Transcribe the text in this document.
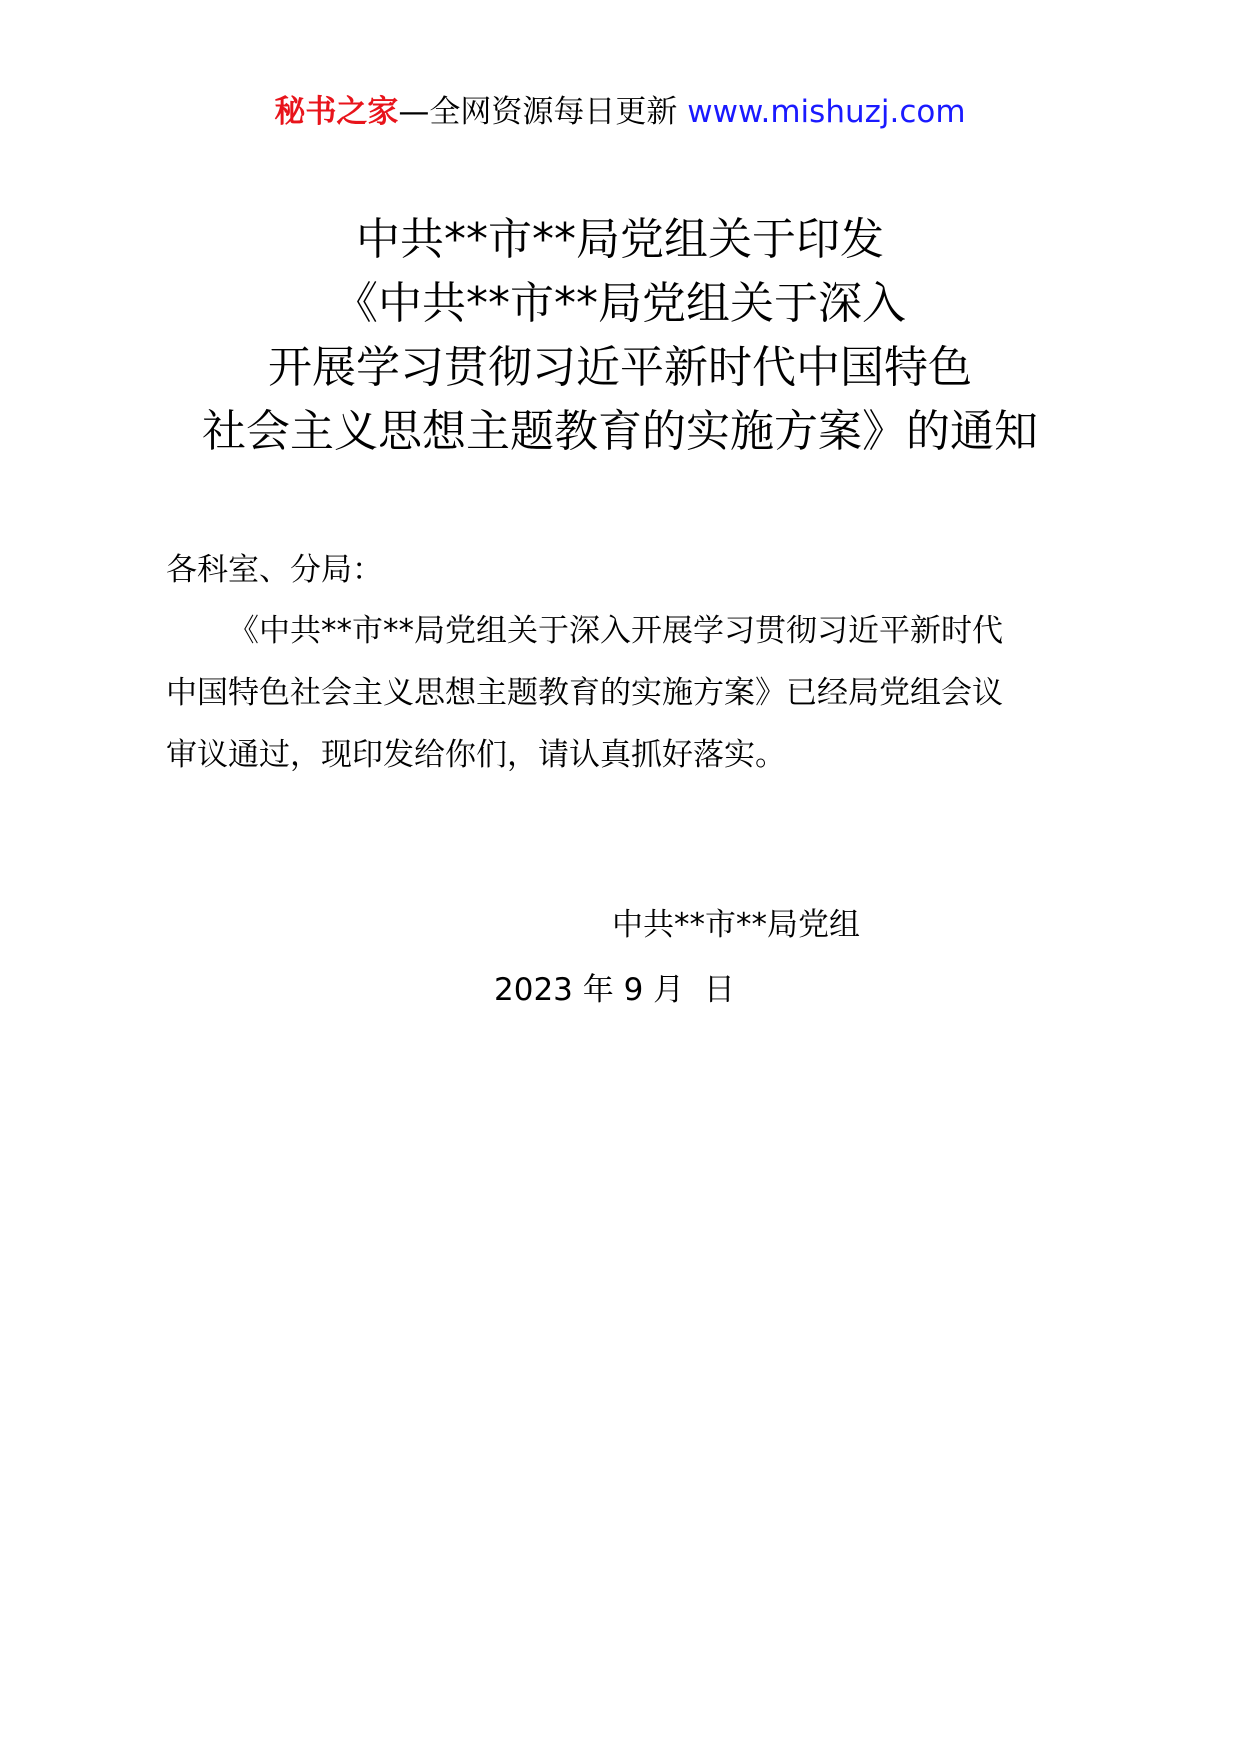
秘书之家—全网资源每日更新 www.mishuzj.com
中共**市**局党组关于印发
《中共**市**局党组关于深入
开展学习贯彻习近平新时代中国特色
社会主义思想主题教育的实施方案》的通知
各科室、分局：
《中共**市**局党组关于深入开展学习贯彻习近平新时代
中国特色社会主义思想主题教育的实施方案》已经局党组会议
审议通过，现印发给你们，请认真抓好落实。
中共**市**局党组
2023 年 9 月  日
